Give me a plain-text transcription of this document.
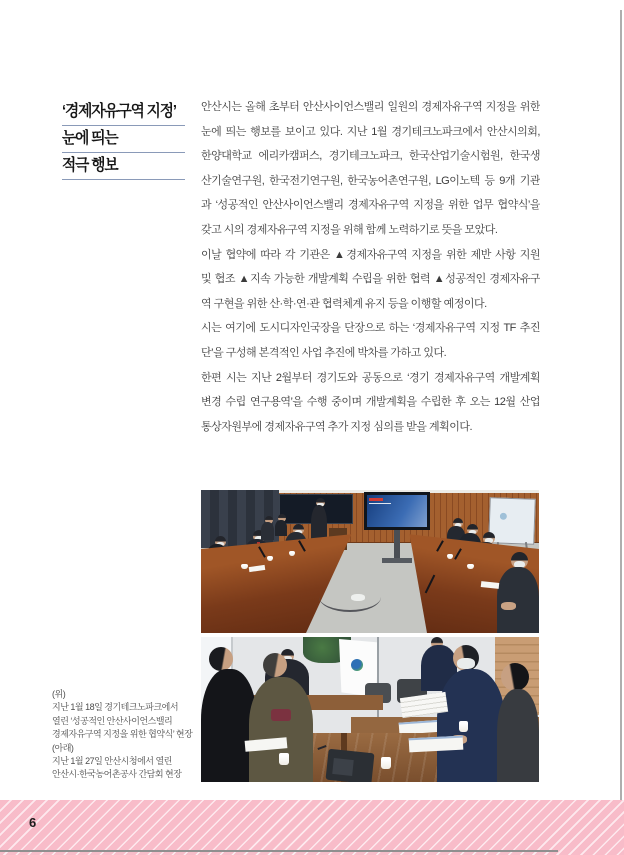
‘경제자유구역 지정’
눈에 띄는
적극 행보
안산시는 올해 초부터 안산사이언스밸리 일원의 경제자유구역 지정을 위한
눈에 띄는 행보를 보이고 있다. 지난 1월 경기테크노파크에서 안산시의회,
한양대학교 에리카캠퍼스, 경기테크노파크, 한국산업기술시험원, 한국생
산기술연구원, 한국전기연구원, 한국농어촌연구원, LG이노텍 등 9개 기관
과 ‘성공적인 안산사이언스밸리 경제자유구역 지정을 위한 업무 협약식’을
갖고 시의 경제자유구역 지정을 위해 함께 노력하기로 뜻을 모았다.
이날 협약에 따라 각 기관은 ▲경제자유구역 지정을 위한 제반 사항 지원
및 협조 ▲지속 가능한 개발계획 수립을 위한 협력 ▲성공적인 경제자유구
역 구현을 위한 산·학·연·관 협력체계 유지 등을 이행할 예정이다.
시는 여기에 도시디자인국장을 단장으로 하는 ‘경제자유구역 지정 TF 추진
단’을 구성해 본격적인 사업 추진에 박차를 가하고 있다.
한편 시는 지난 2월부터 경기도와 공동으로 ‘경기 경제자유구역 개발계획
변경 수립 연구용역’을 수행 중이며 개발계획을 수립한 후 오는 12월 산업
통상자원부에 경제자유구역 추가 지정 심의를 받을 계획이다.
(위)
지난 1월 18일 경기테크노파크에서
열린 ‘성공적인 안산사이언스밸리
경제자유구역 지정을 위한 협약식’ 현장
(아래)
지난 1월 27일 안산시청에서 열린
안산시·한국농어촌공사 간담회 현장
6
